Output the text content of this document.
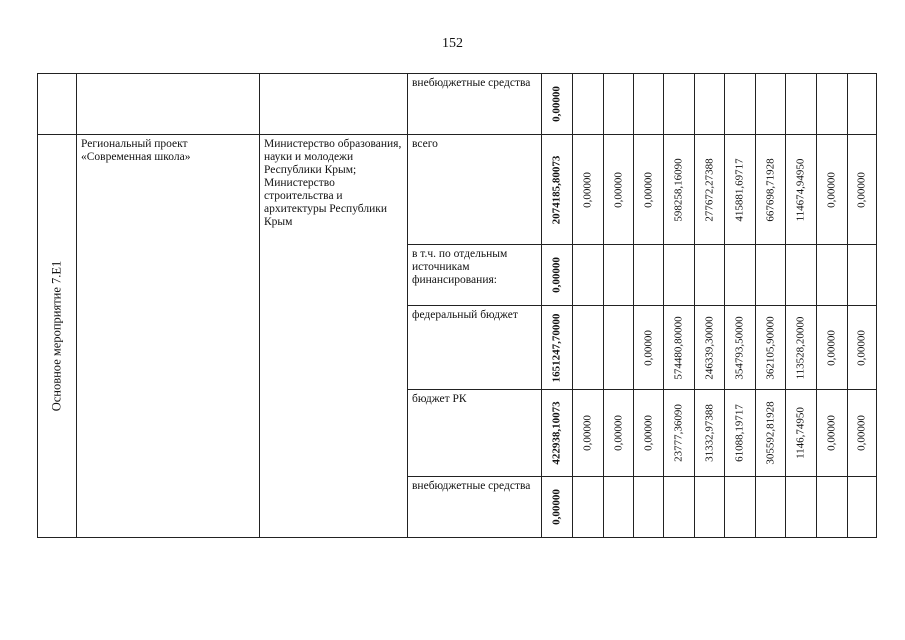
152

			внебюджетные средства	0,00000										

Основное мероприятие 7.Е1	Региональный проект «Современная школа»	Министерство образования, науки и молодежи Республики Крым; Министерство строительства и архитектуры Республики Крым	всего	2074185,80073	0,00000	0,00000	0,00000	598258,16090	277672,27388	415881,69717	667698,71928	114674,94950	0,00000	0,00000

			в т.ч. по отдельным источникам финансирования:	0,00000										

			федеральный бюджет	1651247,70000			0,00000	574480,80000	246339,30000	354793,50000	362105,90000	113528,20000	0,00000	0,00000

			бюджет РК	422938,10073	0,00000	0,00000	0,00000	23777,36090	31332,97388	61088,19717	305592,81928	1146,74950	0,00000	0,00000

			внебюджетные средства	0,00000										
